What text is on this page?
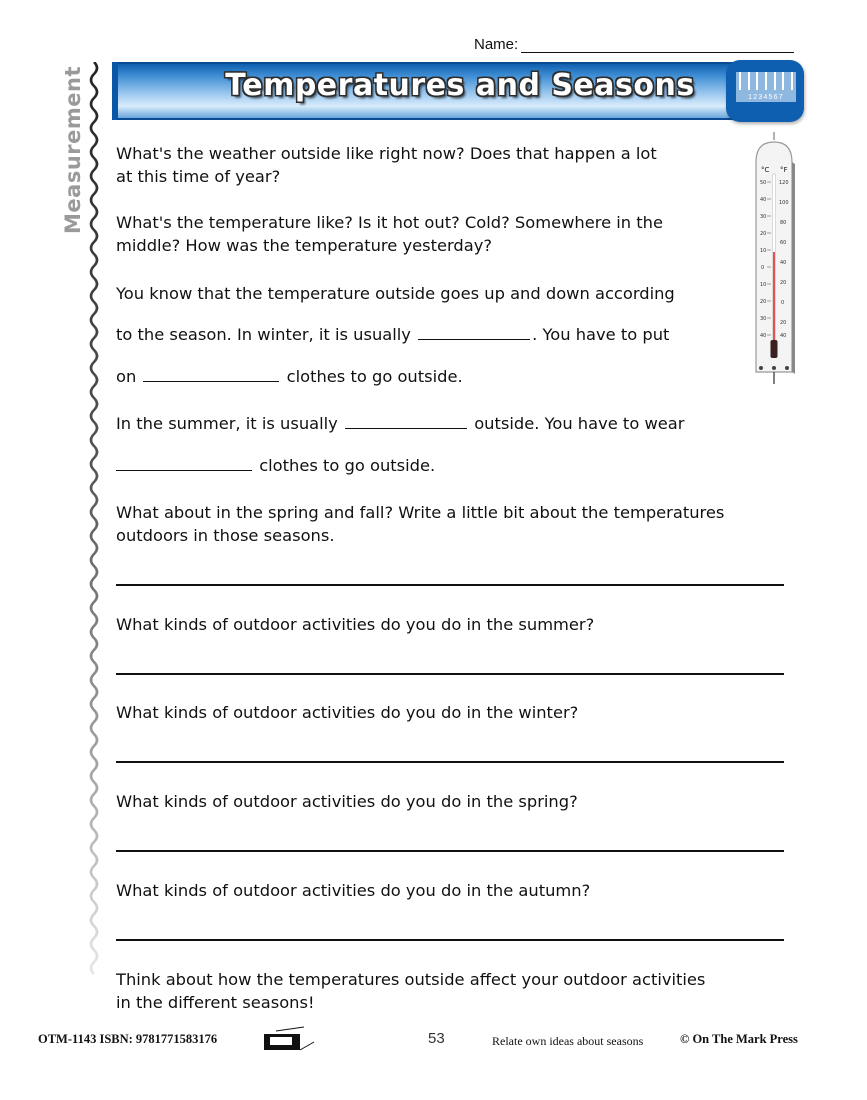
Name:
Measurement	Temperatures and Seasons	1234567
°C °F
50
40
30
20
10
0
10
20
30
40
120
100
80
60
40
20
0
20
40
What's the weather outside like right now? Does that happen a lot
at this time of year?
What's the temperature like? Is it hot out? Cold? Somewhere in the
middle? How was the temperature yesterday?
You know that the temperature outside goes up and down according
to the season. In winter, it is usually	. You have to put
on	clothes to go outside.
In the summer, it is usually	outside. You have to wear
clothes to go outside.
What about in the spring and fall? Write a little bit about the temperatures
outdoors in those seasons.
What kinds of outdoor activities do you do in the summer?
What kinds of outdoor activities do you do in the winter?
What kinds of outdoor activities do you do in the spring?
What kinds of outdoor activities do you do in the autumn?
Think about how the temperatures outside affect your outdoor activities
in the different seasons!
OTM-1143 ISBN: 9781771583176	53	Relate own ideas about seasons	© On The Mark Press
